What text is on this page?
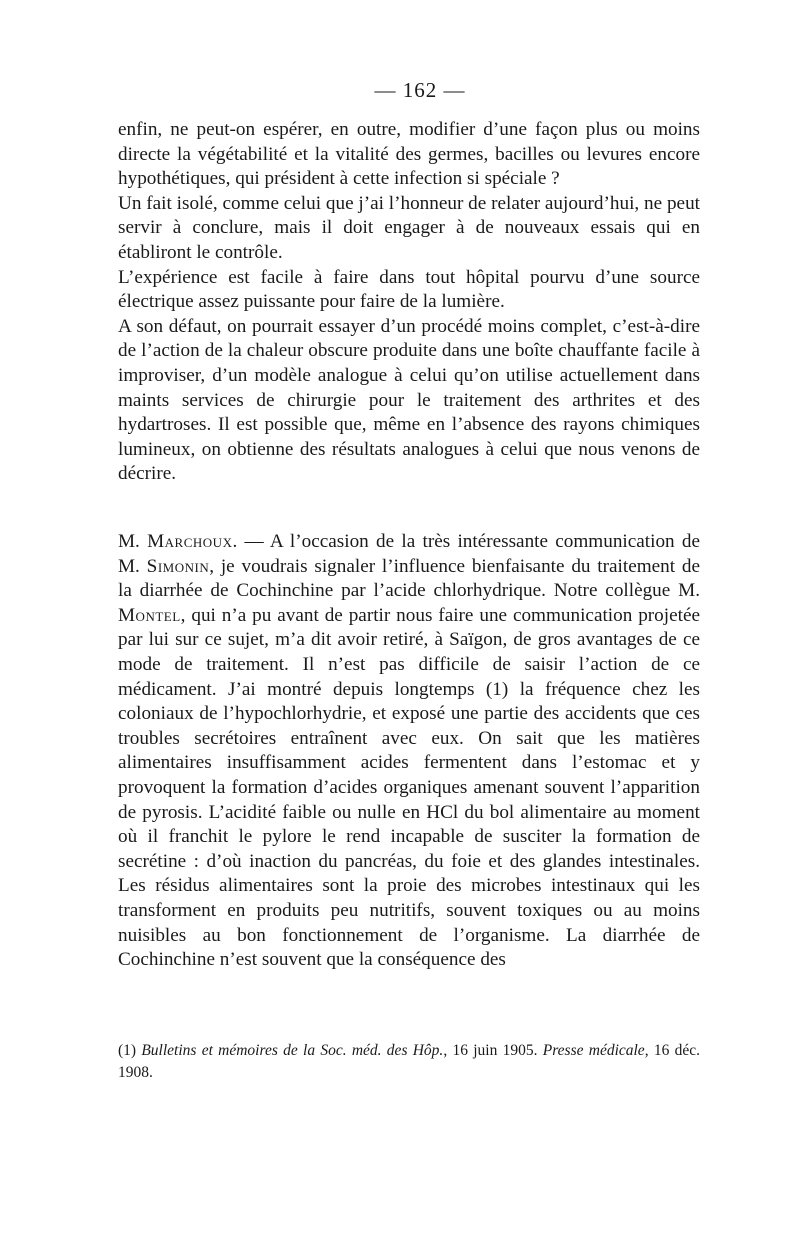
— 162 —

enfin, ne peut-on espérer, en outre, modifier d’une façon plus ou moins directe la végétabilité et la vitalité des germes, bacilles ou levures encore hypothétiques, qui président à cette infection si spéciale ?

Un fait isolé, comme celui que j’ai l’honneur de relater aujourd’hui, ne peut servir à conclure, mais il doit engager à de nouveaux essais qui en établiront le contrôle.

L’expérience est facile à faire dans tout hôpital pourvu d’une source électrique assez puissante pour faire de la lumière.

A son défaut, on pourrait essayer d’un procédé moins complet, c’est-à-dire de l’action de la chaleur obscure produite dans une boîte chauffante facile à improviser, d’un modèle analogue à celui qu’on utilise actuellement dans maints services de chirurgie pour le traitement des arthrites et des hydartroses. Il est possible que, même en l’absence des rayons chimiques lumineux, on obtienne des résultats analogues à celui que nous venons de décrire.

M. Marchoux. — A l’occasion de la très intéressante communication de M. Simonin, je voudrais signaler l’influence bienfaisante du traitement de la diarrhée de Cochinchine par l’acide chlorhydrique. Notre collègue M. Montel, qui n’a pu avant de partir nous faire une communication projetée par lui sur ce sujet, m’a dit avoir retiré, à Saïgon, de gros avantages de ce mode de traitement. Il n’est pas difficile de saisir l’action de ce médicament. J’ai montré depuis longtemps (1) la fréquence chez les coloniaux de l’hypochlorhydrie, et exposé une partie des accidents que ces troubles secrétoires entraînent avec eux. On sait que les matières alimentaires insuffisamment acides fermentent dans l’estomac et y provoquent la formation d’acides organiques amenant souvent l’apparition de pyrosis. L’acidité faible ou nulle en HCl du bol alimentaire au moment où il franchit le pylore le rend incapable de susciter la formation de secrétine : d’où inaction du pancréas, du foie et des glandes intestinales. Les résidus alimentaires sont la proie des microbes intestinaux qui les transforment en produits peu nutritifs, souvent toxiques ou au moins nuisibles au bon fonctionnement de l’organisme. La diarrhée de Cochinchine n’est souvent que la conséquence des

(1) Bulletins et mémoires de la Soc. méd. des Hôp., 16 juin 1905. Presse médicale, 16 déc. 1908.
